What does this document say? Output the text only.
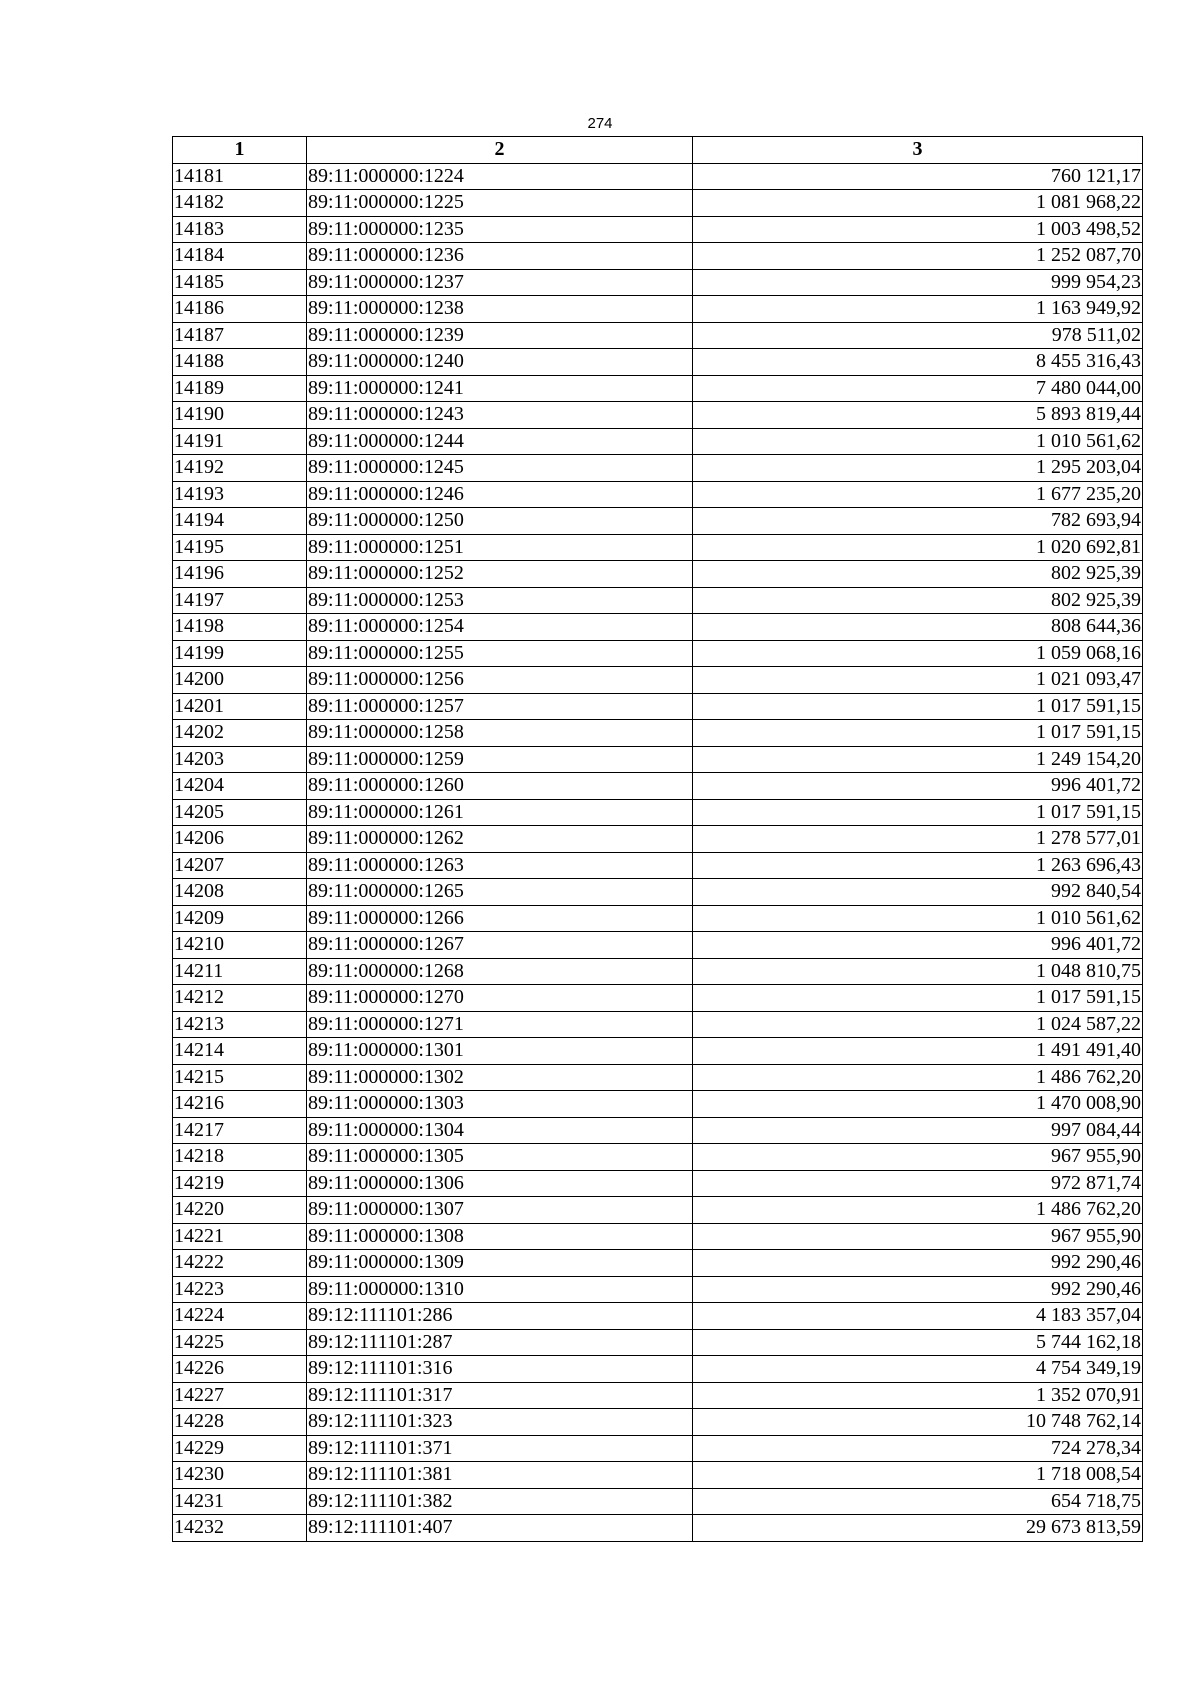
274
1	2	3
14181	89:11:000000:1224	760 121,17
14182	89:11:000000:1225	1 081 968,22
14183	89:11:000000:1235	1 003 498,52
14184	89:11:000000:1236	1 252 087,70
14185	89:11:000000:1237	999 954,23
14186	89:11:000000:1238	1 163 949,92
14187	89:11:000000:1239	978 511,02
14188	89:11:000000:1240	8 455 316,43
14189	89:11:000000:1241	7 480 044,00
14190	89:11:000000:1243	5 893 819,44
14191	89:11:000000:1244	1 010 561,62
14192	89:11:000000:1245	1 295 203,04
14193	89:11:000000:1246	1 677 235,20
14194	89:11:000000:1250	782 693,94
14195	89:11:000000:1251	1 020 692,81
14196	89:11:000000:1252	802 925,39
14197	89:11:000000:1253	802 925,39
14198	89:11:000000:1254	808 644,36
14199	89:11:000000:1255	1 059 068,16
14200	89:11:000000:1256	1 021 093,47
14201	89:11:000000:1257	1 017 591,15
14202	89:11:000000:1258	1 017 591,15
14203	89:11:000000:1259	1 249 154,20
14204	89:11:000000:1260	996 401,72
14205	89:11:000000:1261	1 017 591,15
14206	89:11:000000:1262	1 278 577,01
14207	89:11:000000:1263	1 263 696,43
14208	89:11:000000:1265	992 840,54
14209	89:11:000000:1266	1 010 561,62
14210	89:11:000000:1267	996 401,72
14211	89:11:000000:1268	1 048 810,75
14212	89:11:000000:1270	1 017 591,15
14213	89:11:000000:1271	1 024 587,22
14214	89:11:000000:1301	1 491 491,40
14215	89:11:000000:1302	1 486 762,20
14216	89:11:000000:1303	1 470 008,90
14217	89:11:000000:1304	997 084,44
14218	89:11:000000:1305	967 955,90
14219	89:11:000000:1306	972 871,74
14220	89:11:000000:1307	1 486 762,20
14221	89:11:000000:1308	967 955,90
14222	89:11:000000:1309	992 290,46
14223	89:11:000000:1310	992 290,46
14224	89:12:111101:286	4 183 357,04
14225	89:12:111101:287	5 744 162,18
14226	89:12:111101:316	4 754 349,19
14227	89:12:111101:317	1 352 070,91
14228	89:12:111101:323	10 748 762,14
14229	89:12:111101:371	724 278,34
14230	89:12:111101:381	1 718 008,54
14231	89:12:111101:382	654 718,75
14232	89:12:111101:407	29 673 813,59
